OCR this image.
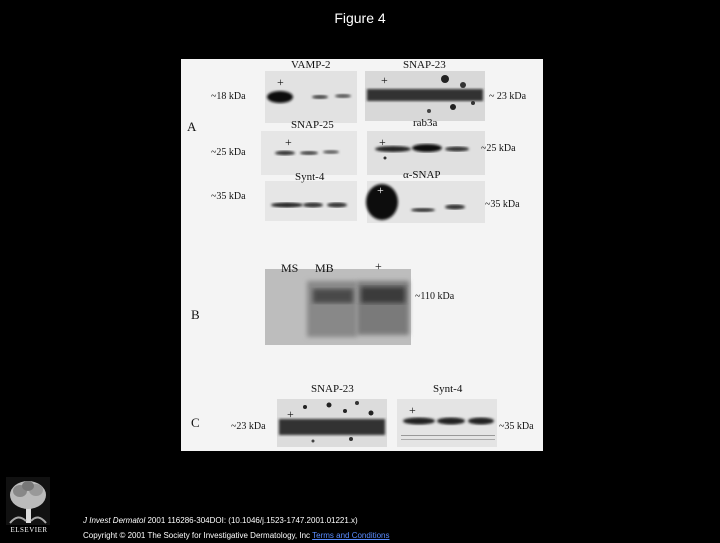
Figure 4
A
VAMP-2
~18 kDa
+
SNAP-23
~ 23 kDa
+
SNAP-25
~25 kDa
+
rab3a
~25 kDa
+
Synt-4
~35 kDa
α-SNAP
~35 kDa
+
B
MS MB	+
~110 kDa
C
SNAP-23
~23 kDa
+
Synt-4
~35 kDa
+
ELSEVIER
J Invest Dermatol 2001 116286-304DOI: (10.1046/j.1523-1747.2001.01221.x)
Copyright © 2001 The Society for Investigative Dermatology, Inc Terms and Conditions
